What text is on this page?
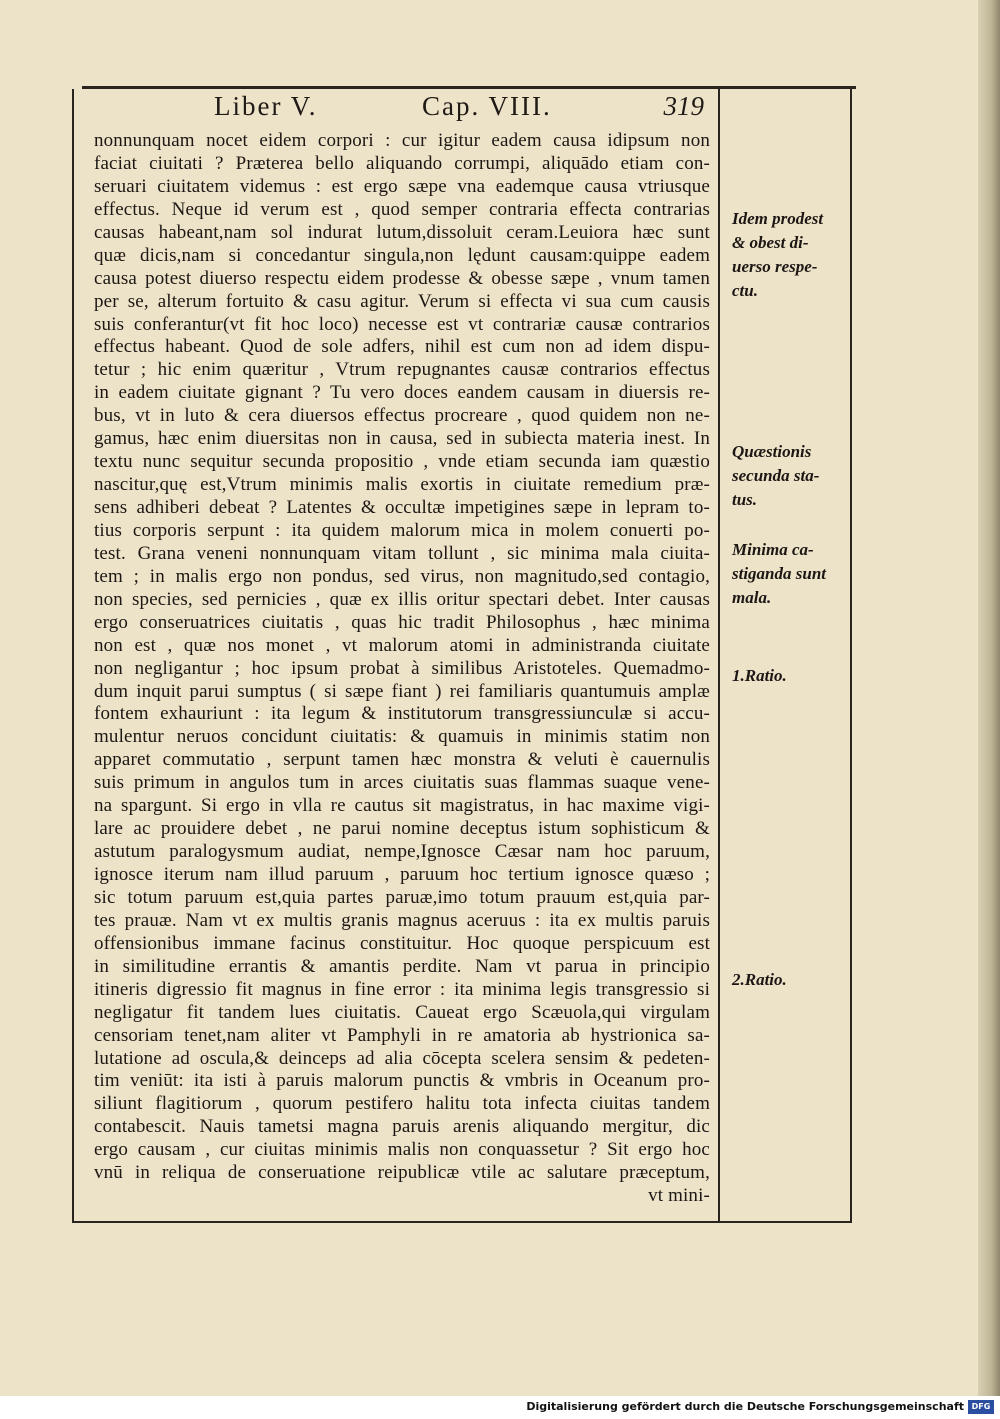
Liber V.	Cap. VIII.	319
nonnunquam nocet eidem corpori : cur igitur eadem causa idipsum non
faciat ciuitati ? Præterea bello aliquando corrumpi, aliquādo etiam con-
seruari ciuitatem videmus : est ergo sæpe vna eademque causa vtriusque
effectus. Neque id verum est , quod semper contraria effecta contrarias
causas habeant,nam sol indurat lutum,dissoluit ceram.Leuiora hæc sunt
quæ dicis,nam si concedantur singula,non lędunt causam:quippe eadem
causa potest diuerso respectu eidem prodesse & obesse sæpe , vnum tamen
per se, alterum fortuito & casu agitur. Verum si effecta vi sua cum causis
suis conferantur(vt fit hoc loco) necesse est vt contrariæ causæ contrarios
effectus habeant. Quod de sole adfers, nihil est cum non ad idem dispu-
tetur ; hic enim quæritur , Vtrum repugnantes causæ contrarios effectus
in eadem ciuitate gignant ? Tu vero doces eandem causam in diuersis re-
bus, vt in luto & cera diuersos effectus procreare , quod quidem non ne-
gamus, hæc enim diuersitas non in causa, sed in subiecta materia inest. In
textu nunc sequitur secunda propositio , vnde etiam secunda iam quæstio
nascitur,quę est,Vtrum minimis malis exortis in ciuitate remedium præ-
sens adhiberi debeat ? Latentes & occultæ impetigines sæpe in lepram to-
tius corporis serpunt : ita quidem malorum mica in molem conuerti po-
test. Grana veneni nonnunquam vitam tollunt , sic minima mala ciuita-
tem ; in malis ergo non pondus, sed virus, non magnitudo,sed contagio,
non species, sed pernicies , quæ ex illis oritur spectari debet. Inter causas
ergo conseruatrices ciuitatis , quas hic tradit Philosophus , hæc minima
non est , quæ nos monet , vt malorum atomi in administranda ciuitate
non negligantur ; hoc ipsum probat à similibus Aristoteles. Quemadmo-
dum inquit parui sumptus ( si sæpe fiant ) rei familiaris quantumuis amplæ
fontem exhauriunt : ita legum & institutorum transgressiunculæ si accu-
mulentur neruos concidunt ciuitatis: & quamuis in minimis statim non
apparet commutatio , serpunt tamen hæc monstra & veluti è cauernulis
suis primum in angulos tum in arces ciuitatis suas flammas suaque vene-
na spargunt. Si ergo in vlla re cautus sit magistratus, in hac maxime vigi-
lare ac prouidere debet , ne parui nomine deceptus istum sophisticum &
astutum paralogysmum audiat, nempe,Ignosce Cæsar nam hoc paruum,
ignosce iterum nam illud paruum , paruum hoc tertium ignosce quæso ;
sic totum paruum est,quia partes paruæ,imo totum prauum est,quia par-
tes prauæ. Nam vt ex multis granis magnus aceruus : ita ex multis paruis
offensionibus immane facinus constituitur. Hoc quoque perspicuum est
in similitudine errantis & amantis perdite. Nam vt parua in principio
itineris digressio fit magnus in fine error : ita minima legis transgressio si
negligatur fit tandem lues ciuitatis. Caueat ergo Scæuola,qui virgulam
censoriam tenet,nam aliter vt Pamphyli in re amatoria ab hystrionica sa-
lutatione ad oscula,& deinceps ad alia cōcepta scelera sensim & pedeten-
tim veniūt: ita isti à paruis malorum punctis & vmbris in Oceanum pro-
siliunt flagitiorum , quorum pestifero halitu tota infecta ciuitas tandem
contabescit. Nauis tametsi magna paruis arenis aliquando mergitur, dic
ergo causam , cur ciuitas minimis malis non conquassetur ? Sit ergo hoc
vnū in reliqua de conseruatione reipublicæ vtile ac salutare præceptum,
vt mini-
Idem prodest
& obest di-
uerso respe-
ctu.
Quæstionis
secunda sta-
tus.
Minima ca-
stiganda sunt
mala.
1.Ratio.
2.Ratio.
Digitalisierung gefördert durch die Deutsche Forschungsgemeinschaft DFG
